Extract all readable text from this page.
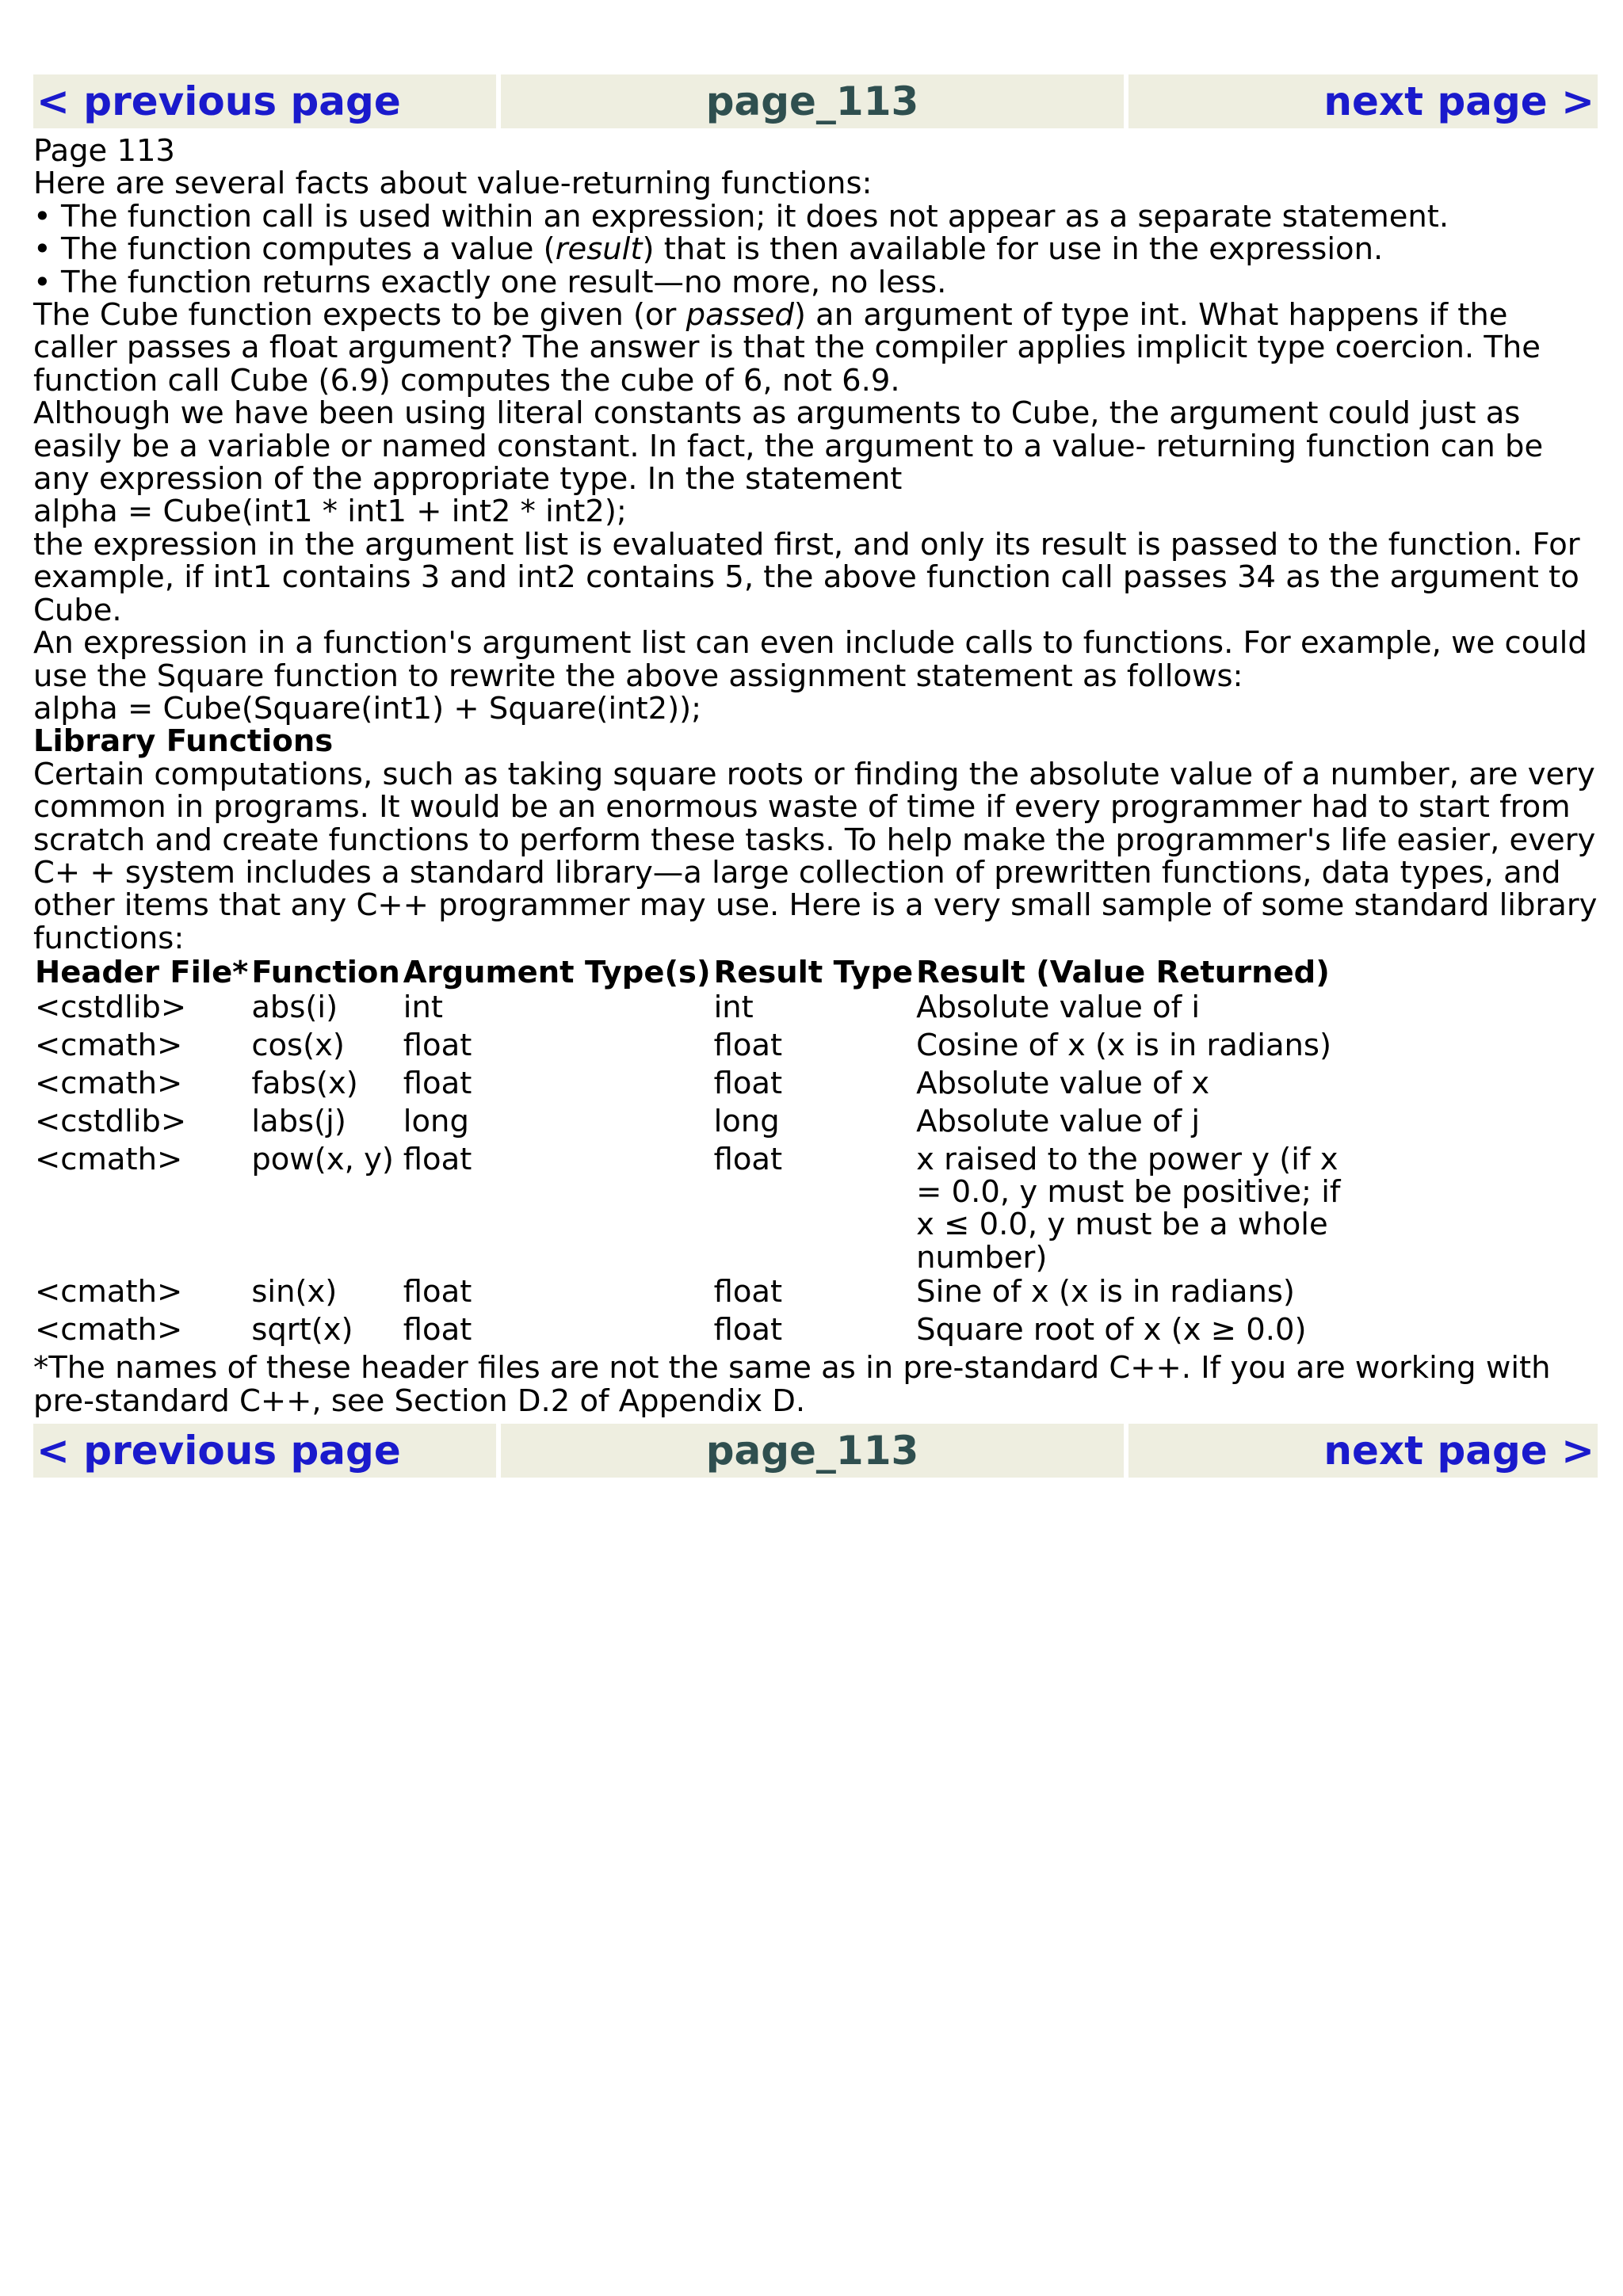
< previous page	page_113	next page >

Page 113

Here are several facts about value-returning functions:

• The function call is used within an expression; it does not appear as a separate statement.

• The function computes a value (result) that is then available for use in the expression.

• The function returns exactly one result—no more, no less.

The Cube function expects to be given (or passed) an argument of type int. What happens if the caller passes a float argument? The answer is that the compiler applies implicit type coercion. The function call Cube (6.9) computes the cube of 6, not 6.9.

Although we have been using literal constants as arguments to Cube, the argument could just as easily be a variable or named constant. In fact, the argument to a value- returning function can be any expression of the appropriate type. In the statement

alpha = Cube(int1 * int1 + int2 * int2);

the expression in the argument list is evaluated first, and only its result is passed to the function. For example, if int1 contains 3 and int2 contains 5, the above function call passes 34 as the argument to Cube.

An expression in a function's argument list can even include calls to functions. For example, we could use the Square function to rewrite the above assignment statement as follows:

alpha = Cube(Square(int1) + Square(int2));

Library Functions

Certain computations, such as taking square roots or finding the absolute value of a number, are very common in programs. It would be an enormous waste of time if every programmer had to start from scratch and create functions to perform these tasks. To help make the programmer's life easier, every C+ + system includes a standard library—a large collection of prewritten functions, data types, and other items that any C++ programmer may use. Here is a very small sample of some standard library functions:

Header File*	Function	Argument Type(s)	Result Type	Result (Value Returned)
<cstdlib>	abs(i)	int	int	Absolute value of i
<cmath>	cos(x)	float	float	Cosine of x (x is in radians)
<cmath>	fabs(x)	float	float	Absolute value of x
<cstdlib>	labs(j)	long	long	Absolute value of j
<cmath>	pow(x, y)	float	float	x raised to the power y (if x = 0.0, y must be positive; if x ≤ 0.0, y must be a whole number)
<cmath>	sin(x)	float	float	Sine of x (x is in radians)
<cmath>	sqrt(x)	float	float	Square root of x (x ≥ 0.0)

*The names of these header files are not the same as in pre-standard C++. If you are working with pre-standard C++, see Section D.2 of Appendix D.

< previous page	page_113	next page >
